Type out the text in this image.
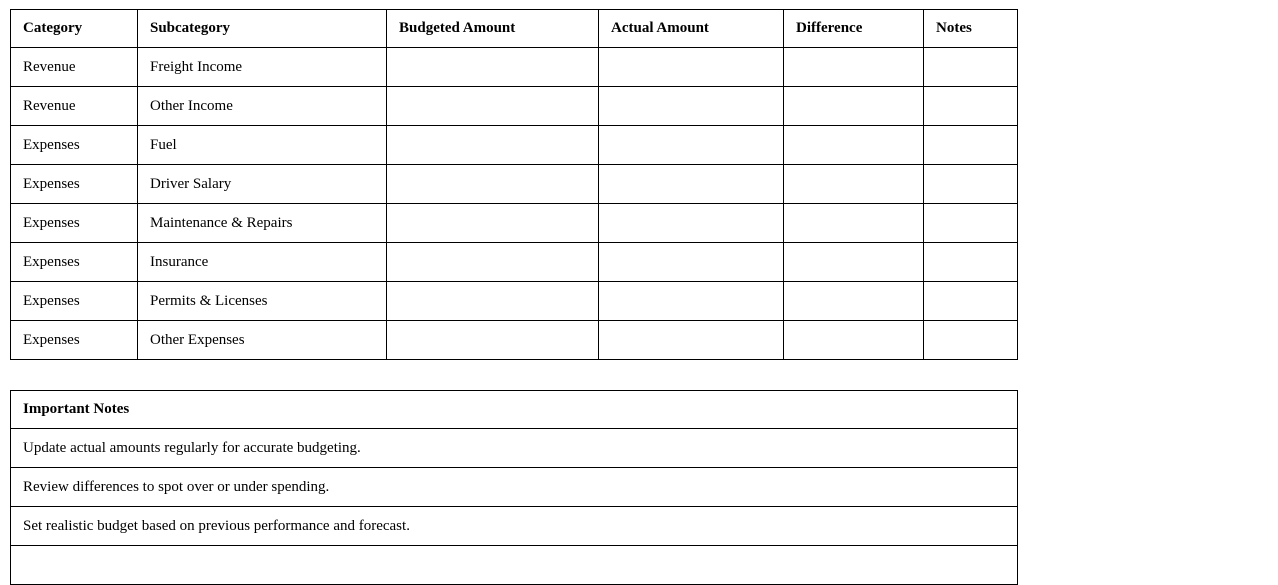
Category	Subcategory	Budgeted Amount	Actual Amount	Difference	Notes
Revenue	Freight Income				
Revenue	Other Income				
Expenses	Fuel				
Expenses	Driver Salary				
Expenses	Maintenance & Repairs				
Expenses	Insurance				
Expenses	Permits & Licenses				
Expenses	Other Expenses				
Important Notes
Update actual amounts regularly for accurate budgeting.
Review differences to spot over or under spending.
Set realistic budget based on previous performance and forecast.
